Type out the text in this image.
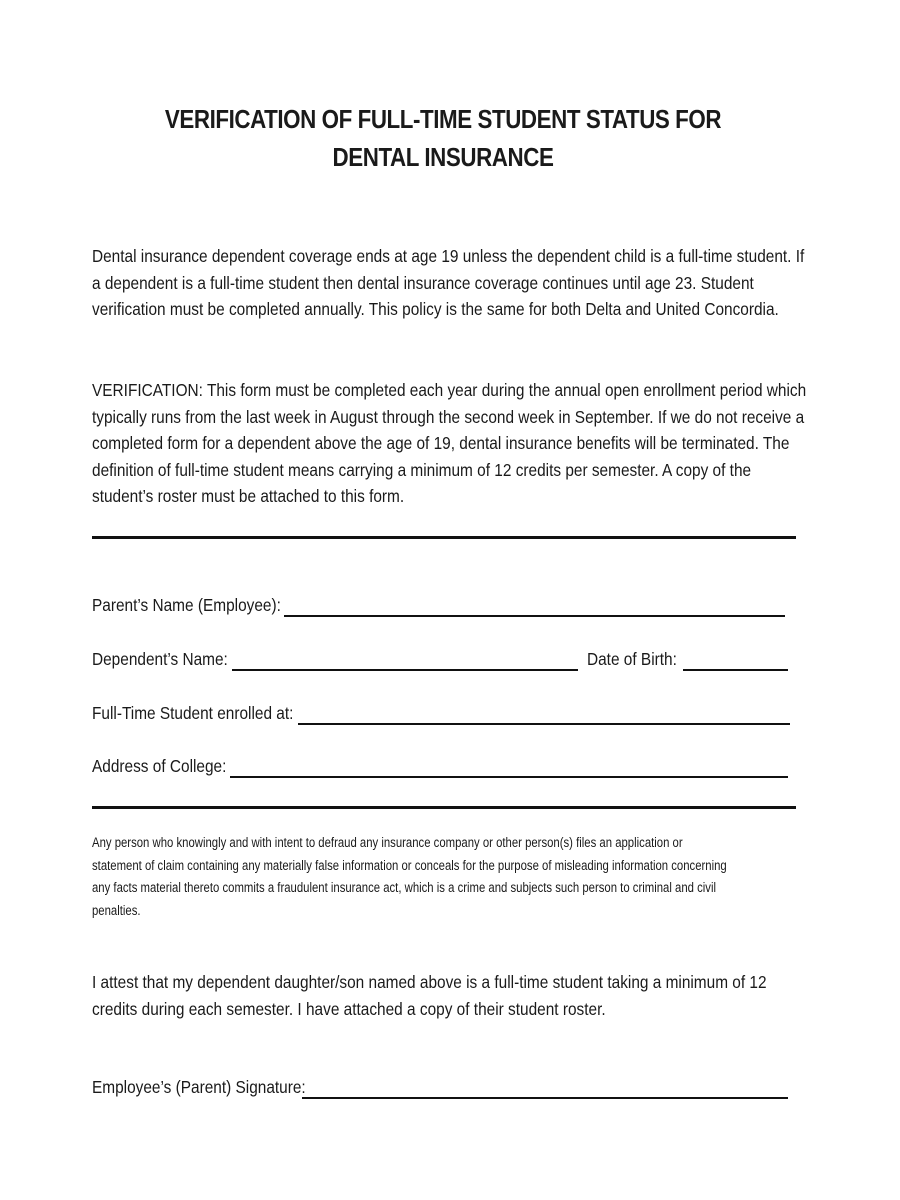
VERIFICATION OF FULL-TIME STUDENT STATUS FOR
DENTAL INSURANCE
Dental insurance dependent coverage ends at age 19 unless the dependent child is a full-time student. If
a dependent is a full-time student then dental insurance coverage continues until age 23. Student
verification must be completed annually. This policy is the same for both Delta and United Concordia.
VERIFICATION: This form must be completed each year during the annual open enrollment period which
typically runs from the last week in August through the second week in September. If we do not receive a
completed form for a dependent above the age of 19, dental insurance benefits will be terminated. The
definition of full-time student means carrying a minimum of 12 credits per semester. A copy of the
student’s roster must be attached to this form.
Parent’s Name (Employee):
Dependent’s Name:	Date of Birth:
Full-Time Student enrolled at:
Address of College:
Any person who knowingly and with intent to defraud any insurance company or other person(s) files an application or
statement of claim containing any materially false information or conceals for the purpose of misleading information concerning
any facts material thereto commits a fraudulent insurance act, which is a crime and subjects such person to criminal and civil
penalties.
I attest that my dependent daughter/son named above is a full-time student taking a minimum of 12
credits during each semester. I have attached a copy of their student roster.
Employee’s (Parent) Signature:
